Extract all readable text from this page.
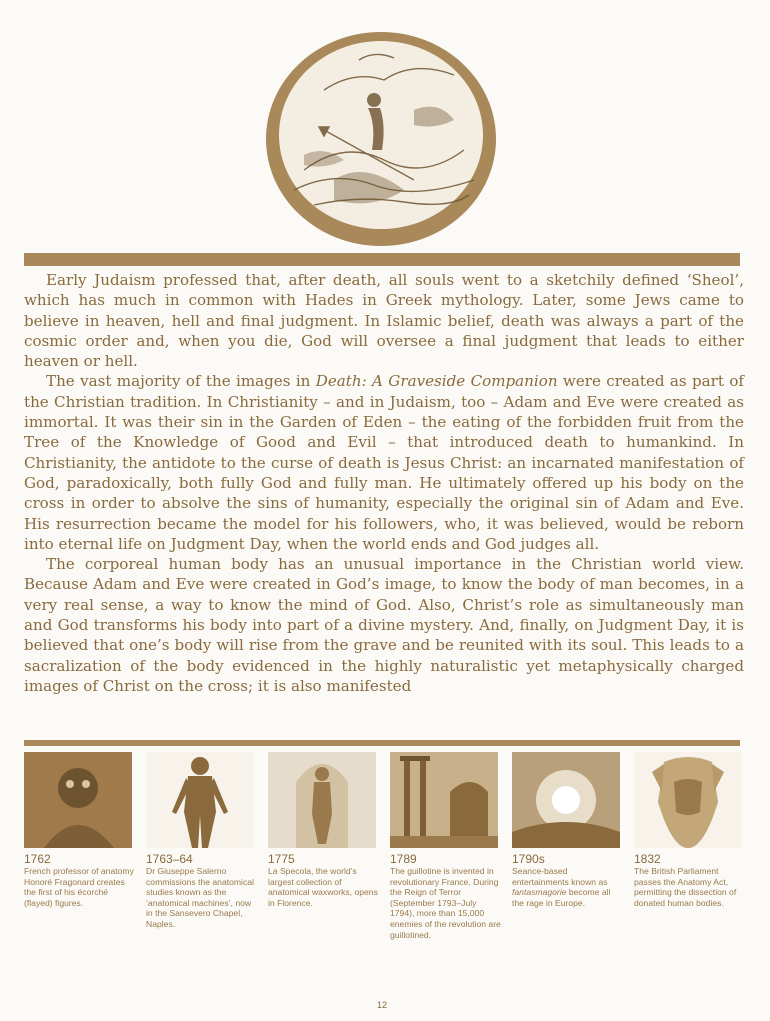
Early Judaism professed that, after death, all souls went to a sketchily defined ‘Sheol’, which has much in common with Hades in Greek mythology. Later, some Jews came to believe in heaven, hell and final judgment. In Islamic belief, death was always a part of the cosmic order and, when you die, God will oversee a final judgment that leads to either heaven or hell.

The vast majority of the images in Death: A Graveside Companion were created as part of the Christian tradition. In Christianity – and in Judaism, too – Adam and Eve were created as immortal. It was their sin in the Garden of Eden – the eating of the forbidden fruit from the Tree of the Knowledge of Good and Evil – that introduced death to humankind. In Christianity, the antidote to the curse of death is Jesus Christ: an incarnated manifestation of God, paradoxically, both fully God and fully man. He ultimately offered up his body on the cross in order to absolve the sins of humanity, especially the original sin of Adam and Eve. His resurrection became the model for his followers, who, it was believed, would be reborn into eternal life on Judgment Day, when the world ends and God judges all.

The corporeal human body has an unusual importance in the Christian world view. Because Adam and Eve were created in God’s image, to know the body of man becomes, in a very real sense, a way to know the mind of God. Also, Christ’s role as simultaneously man and God transforms his body into part of a divine mystery. And, finally, on Judgment Day, it is believed that one’s body will rise from the grave and be reunited with its soul. This leads to a sacralization of the body evidenced in the highly naturalistic yet metaphysically charged images of Christ on the cross; it is also manifested

1762
French professor of anatomy Honoré Fragonard creates the first of his écorché (flayed) figures.
1763–64
Dr Giuseppe Salerno commissions the anatomical studies known as the ‘anatomical machines’, now in the Sansevero Chapel, Naples.
1775
La Specola, the world’s largest collection of anatomical waxworks, opens in Florence.
1789
The guillotine is invented in revolutionary France. During the Reign of Terror (September 1793–July 1794), more than 15,000 enemies of the revolution are guillotined.
1790s
Seance-based entertainments known as fantasmagorie become all the rage in Europe.
1832
The British Parliament passes the Anatomy Act, permitting the dissection of donated human bodies.
12
